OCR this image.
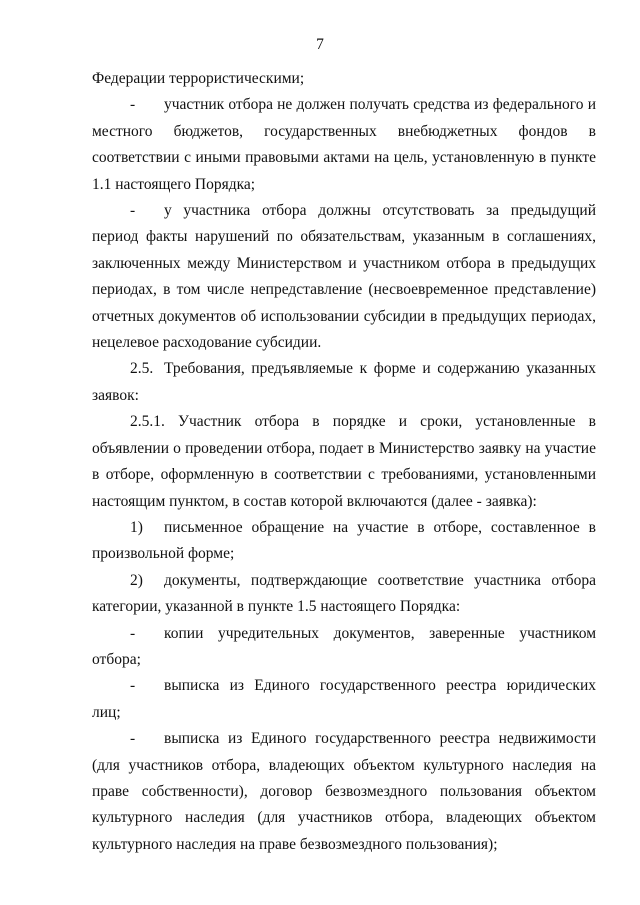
7

Федерации террористическими;

- участник отбора не должен получать средства из федерального и местного бюджетов, государственных внебюджетных фондов в соответствии с иными правовыми актами на цель, установленную в пункте 1.1 настоящего Порядка;

- у участника отбора должны отсутствовать за предыдущий период факты нарушений по обязательствам, указанным в соглашениях, заключенных между Министерством и участником отбора в предыдущих периодах, в том числе непредставление (несвоевременное представление) отчетных документов об использовании субсидии в предыдущих периодах, нецелевое расходование субсидии.

2.5. Требования, предъявляемые к форме и содержанию указанных заявок:

2.5.1. Участник отбора в порядке и сроки, установленные в объявлении о проведении отбора, подает в Министерство заявку на участие в отборе, оформленную в соответствии с требованиями, установленными настоящим пунктом, в состав которой включаются (далее - заявка):

1) письменное обращение на участие в отборе, составленное в произвольной форме;

2) документы, подтверждающие соответствие участника отбора категории, указанной в пункте 1.5 настоящего Порядка:

- копии учредительных документов, заверенные участником отбора;

- выписка из Единого государственного реестра юридических лиц;

- выписка из Единого государственного реестра недвижимости (для участников отбора, владеющих объектом культурного наследия на праве собственности), договор безвозмездного пользования объектом культурного наследия (для участников отбора, владеющих объектом культурного наследия на праве безвозмездного пользования);
